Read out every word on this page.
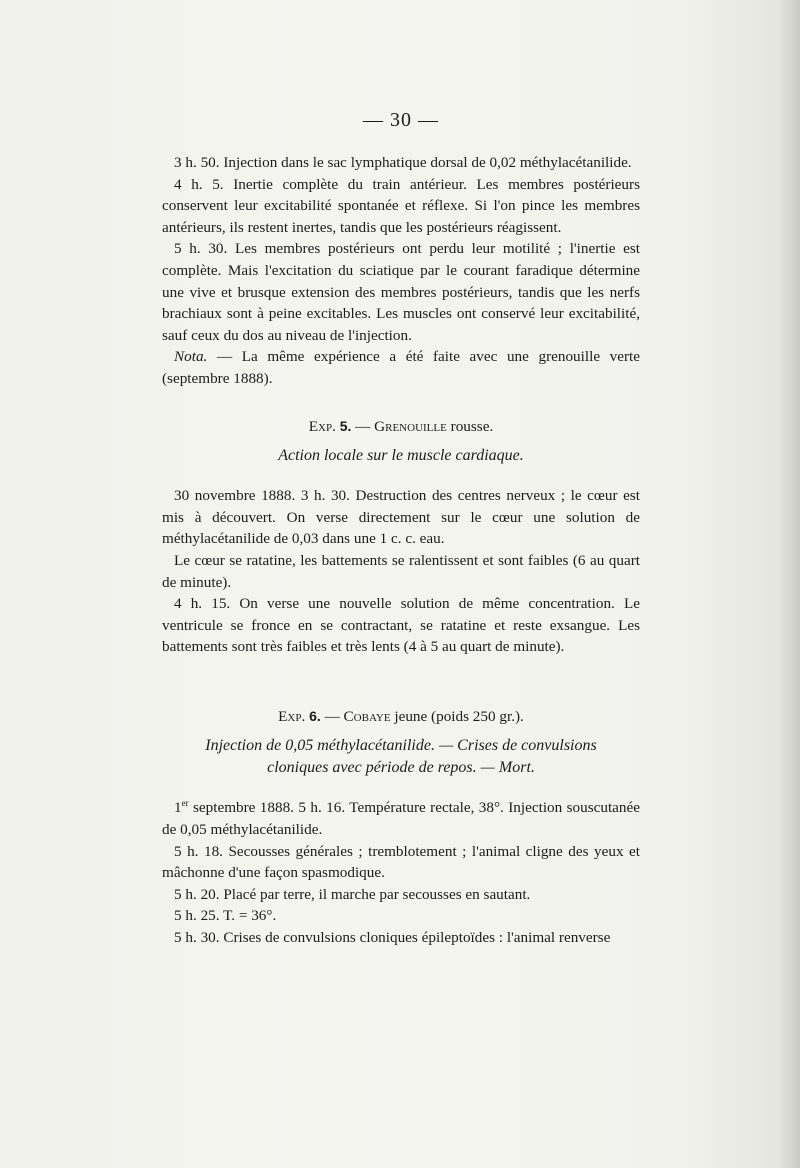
— 30 —

3 h. 50. Injection dans le sac lymphatique dorsal de 0,02 méthylacétanilide.

4 h. 5. Inertie complète du train antérieur. Les membres postérieurs conservent leur excitabilité spontanée et réflexe. Si l'on pince les membres antérieurs, ils restent inertes, tandis que les postérieurs réagissent.

5 h. 30. Les membres postérieurs ont perdu leur motilité ; l'inertie est complète. Mais l'excitation du sciatique par le courant faradique détermine une vive et brusque extension des membres postérieurs, tandis que les nerfs brachiaux sont à peine excitables. Les muscles ont conservé leur excitabilité, sauf ceux du dos au niveau de l'injection.

Nota. — La même expérience a été faite avec une grenouille verte (septembre 1888).

Exp. 5. — Grenouille rousse.

Action locale sur le muscle cardiaque.

30 novembre 1888. 3 h. 30. Destruction des centres nerveux ; le cœur est mis à découvert. On verse directement sur le cœur une solution de méthylacétanilide de 0,03 dans une 1 c. c. eau.

Le cœur se ratatine, les battements se ralentissent et sont faibles (6 au quart de minute).

4 h. 15. On verse une nouvelle solution de même concentration. Le ventricule se fronce en se contractant, se ratatine et reste exsangue. Les battements sont très faibles et très lents (4 à 5 au quart de minute).

Exp. 6. — Cobaye jeune (poids 250 gr.).

Injection de 0,05 méthylacétanilide. — Crises de convulsions
cloniques avec période de repos. — Mort.

1er septembre 1888. 5 h. 16. Température rectale, 38°. Injection souscutanée de 0,05 méthylacétanilide.

5 h. 18. Secousses générales ; tremblotement ; l'animal cligne des yeux et mâchonne d'une façon spasmodique.

5 h. 20. Placé par terre, il marche par secousses en sautant.

5 h. 25. T. = 36°.

5 h. 30. Crises de convulsions cloniques épileptoïdes : l'animal renverse
